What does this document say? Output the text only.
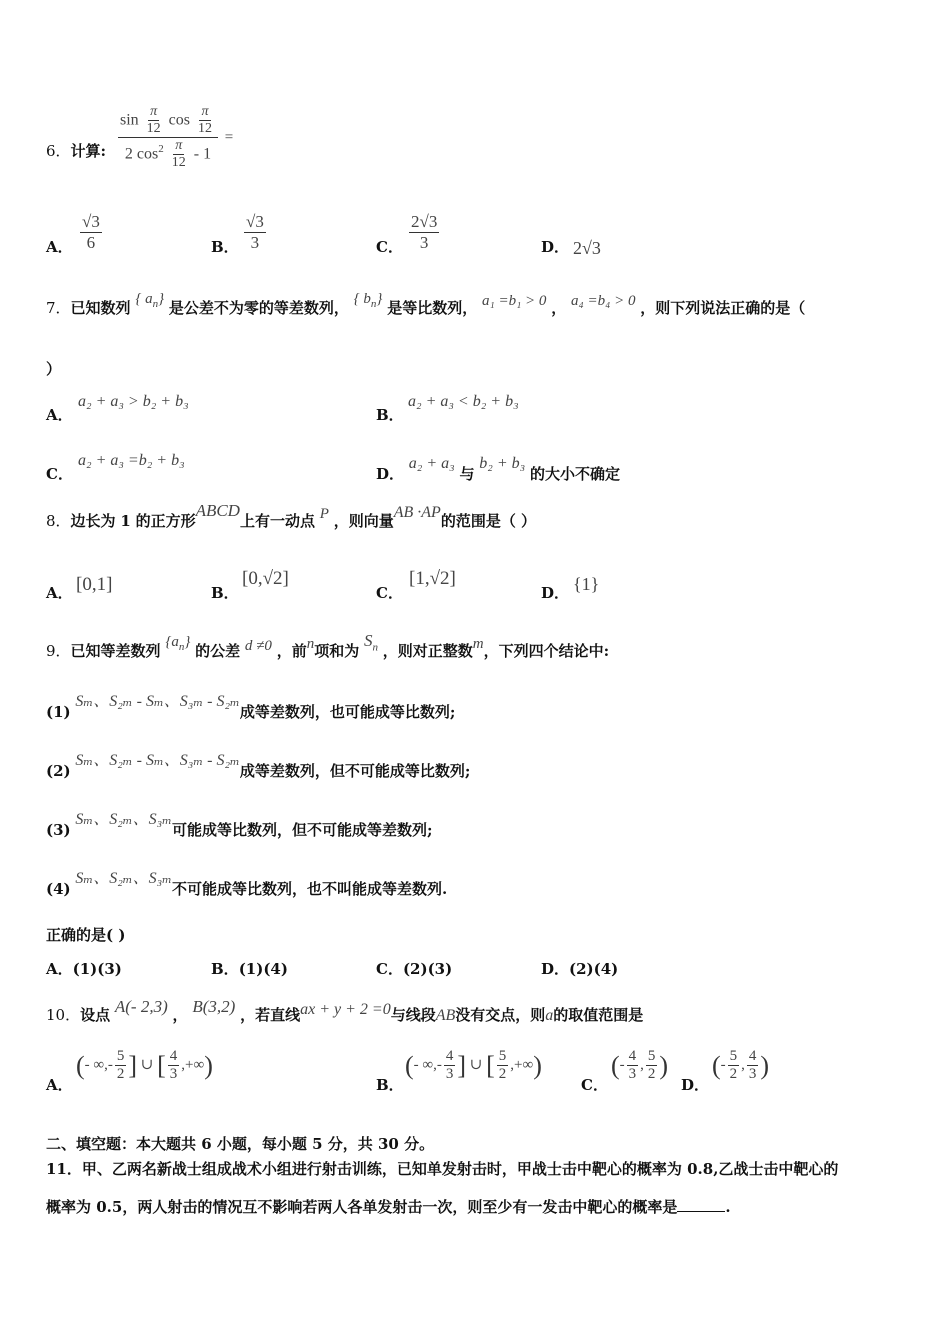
6．计算: $\frac{\sin \frac{\pi}{12} \cos \frac{\pi}{12}}{2 \cos^2 \frac{\pi}{12} - 1}$ =
A． $\frac{√3}{6}$	B． $\frac{√3}{3}$	C． $\frac{2√3}{3}$	D． 2√3
7．已知数列 { $a_n$} 是公差不为零的等差数列， { $b_n$} 是等比数列， a₁ =b₁ > 0 ， a₄ =b₄ > 0 ，则下列说法正确的是（
）
A．
a₂ + a₃ > b₂ + b₃
B．
a₂ + a₃ < b₂ + b₃
C．
a₂ + a₃ =b₂ + b₃
D． a₂ + a₃ 与 b₂ + b₃ 的大小不确定
8．边长为 1 的正方形ABCD上有一动点 P ，则向量AB ·AP的范围是（ ）
A． [0,1]	B．
[0,√2]
C．
[1,√2]
D． {1}
9．已知等差数列 $\{a_n\}$ 的公差 d ≠0 ，前n项和为 $S_n$ ，则对正整数m，下列四个结论中:
(1) Sₘ、S₂ₘ - Sₘ、S₃ₘ - S₂ₘ成等差数列，也可能成等比数列;
(2) Sₘ、S₂ₘ - Sₘ、S₃ₘ - S₂ₘ成等差数列，但不可能成等比数列;
(3) Sₘ、S₂ₘ、S₃ₘ可能成等比数列，但不可能成等差数列;
(4) Sₘ、S₂ₘ、S₃ₘ不可能成等比数列，也不叫能成等差数列.
正确的是( )
A．(1)(3)	B．(1)(4)	C．(2)(3)	D．(2)(4)
10．设点 A(- 2,3) ， B(3,2) ，若直线ax + y + 2 =0与线段AB没有交点，则a的取值范围是
A．
(- ∞,- $\frac{5}{2}$ ] ∪ [ $\frac{4}{3}$ ,+∞)
B．
(- ∞,- $\frac{4}{3}$ ] ∪ [ $\frac{5}{2}$ ,+∞)
C．
(- $\frac{4}{3}$ , $\frac{5}{2}$ )
D．
(- $\frac{5}{2}$ , $\frac{4}{3}$ )
二、填空题：本大题共 6 小题，每小题 5 分，共 30 分。
11．甲、乙两名新战士组成战术小组进行射击训练，已知单发射击时，甲战士击中靶心的概率为 0.8,乙战士击中靶心的
概率为 0.5，两人射击的情况互不影响若两人各单发射击一次，则至少有一发击中靶心的概率是	.
